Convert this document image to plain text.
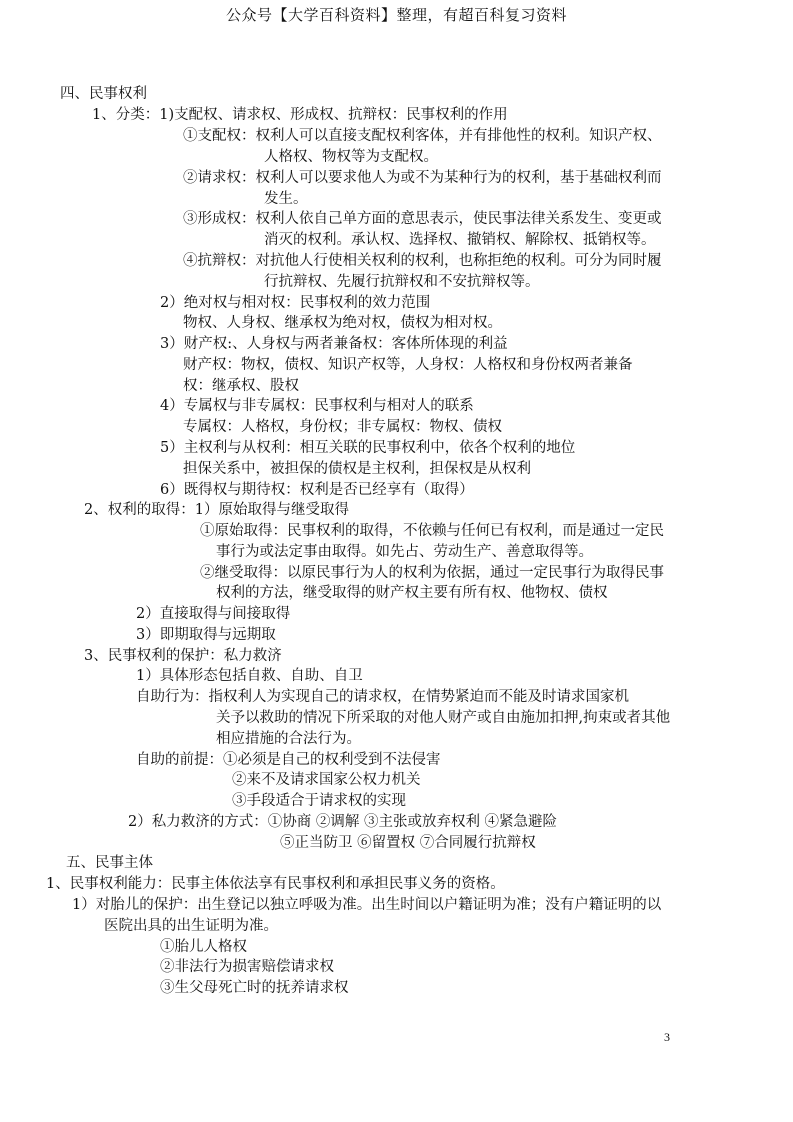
公众号【大学百科资料】整理，有超百科复习资料
四、民事权利
1、分类：1)支配权、请求权、形成权、抗辩权：民事权利的作用
①支配权：权利人可以直接支配权利客体，并有排他性的权利。知识产权、
人格权、物权等为支配权。
②请求权：权利人可以要求他人为或不为某种行为的权利，基于基础权利而
发生。
③形成权：权利人依自己单方面的意思表示，使民事法律关系发生、变更或
消灭的权利。承认权、选择权、撤销权、解除权、抵销权等。
④抗辩权：对抗他人行使相关权利的权利，也称拒绝的权利。可分为同时履
行抗辩权、先履行抗辩权和不安抗辩权等。
2）绝对权与相对权：民事权利的效力范围
物权、人身权、继承权为绝对权，债权为相对权。
3）财产权:、人身权与两者兼备权：客体所体现的利益
财产权：物权，债权、知识产权等，人身权：人格权和身份权两者兼备
权：继承权、股权
4）专属权与非专属权：民事权利与相对人的联系
专属权：人格权，身份权；非专属权：物权、债权
5）主权利与从权利：相互关联的民事权利中，依各个权利的地位
担保关系中，被担保的债权是主权利，担保权是从权利
6）既得权与期待权：权利是否已经享有（取得）
2、权利的取得：1）原始取得与继受取得
①原始取得：民事权利的取得，不依赖与任何已有权利，而是通过一定民
事行为或法定事由取得。如先占、劳动生产、善意取得等。
②继受取得：以原民事行为人的权利为依据，通过一定民事行为取得民事
权利的方法，继受取得的财产权主要有所有权、他物权、债权
2）直接取得与间接取得
3）即期取得与远期取
3、民事权利的保护：私力救济
1）具体形态包括自救、自助、自卫
自助行为：指权利人为实现自己的请求权，在情势紧迫而不能及时请求国家机
关予以救助的情况下所采取的对他人财产或自由施加扣押,拘束或者其他
相应措施的合法行为。
自助的前提：①必须是自己的权利受到不法侵害
②来不及请求国家公权力机关
③手段适合于请求权的实现
2）私力救济的方式：①协商 ②调解 ③主张或放弃权利 ④紧急避险
⑤正当防卫 ⑥留置权 ⑦合同履行抗辩权
五、民事主体
1、民事权利能力：民事主体依法享有民事权利和承担民事义务的资格。
1）对胎儿的保护：出生登记以独立呼吸为准。出生时间以户籍证明为准；没有户籍证明的以
医院出具的出生证明为准。
①胎儿人格权
②非法行为损害赔偿请求权
③生父母死亡时的抚养请求权
3
